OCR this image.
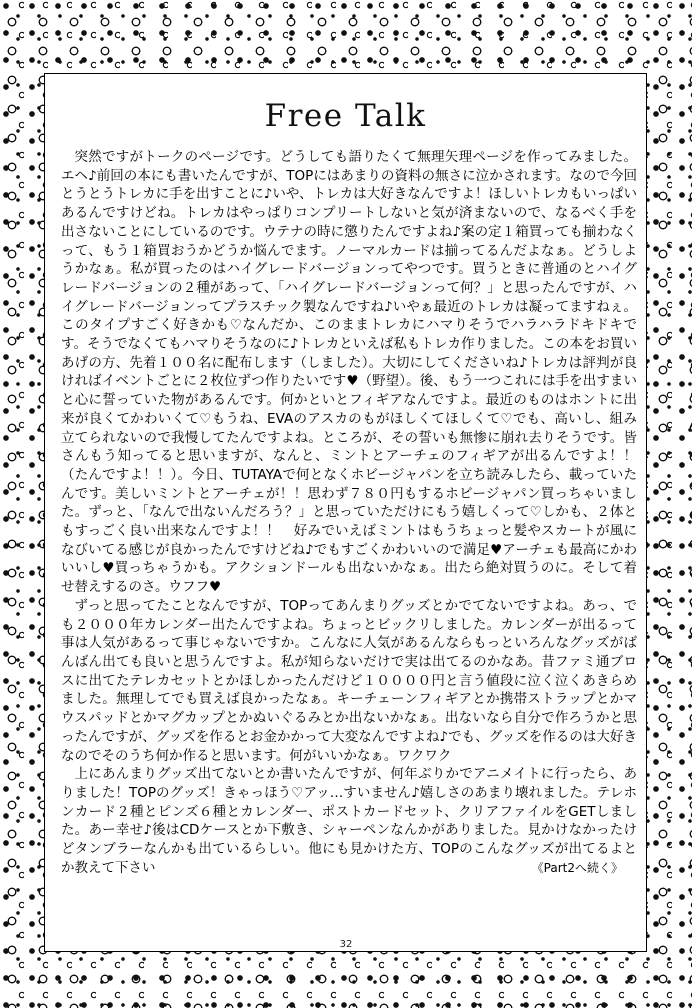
Free Talk

突然ですがトークのページです。どうしても語りたくて無理矢理ページを作ってみました。エヘ♪前回の本にも書いたんですが、TOPにはあまりの資料の無さに泣かされます。なので今回とうとうトレカに手を出すことに♪いや、トレカは大好きなんですよ！ほしいトレカもいっぱいあるんですけどね。トレカはやっぱりコンプリートしないと気が済まないので、なるべく手を出さないことにしているのです。ウテナの時に懲りたんですよね♪案の定１箱買っても揃わなくって、もう１箱買おうかどうか悩んでます。ノーマルカードは揃ってるんだよなぁ。どうしようかなぁ。私が買ったのはハイグレードバージョンってやつです。買うときに普通のとハイグレードバージョンの２種があって、「ハイグレードバージョンって何？」と思ったんですが、ハイグレードバージョンってプラスチック製なんですね♪いやぁ最近のトレカは凝ってますねぇ。このタイプすごく好きかも♡なんだか、このままトレカにハマりそうでハラハラドキドキです。そうでなくてもハマりそうなのに♪トレカといえば私もトレカ作りました。この本をお買いあげの方、先着１００名に配布します（しました）。大切にしてくださいね♪トレカは評判が良ければイベントごとに２枚位ずつ作りたいです♥（野望）。後、もう一つこれには手を出すまいと心に誓っていた物があるんです。何かといとフィギアなんですよ。最近のものはホントに出来が良くてかわいくて♡もうね、EVAのアスカのもがほしくてほしくて♡でも、高いし、組み立てられないので我慢してたんですよね。ところが、その誓いも無惨に崩れ去りそうです。皆さんもう知ってると思いますが、なんと、ミントとアーチェのフィギアが出るんですよ！！（たんですよ！！）。今日、TUTAYAで何となくホビージャパンを立ち読みしたら、載っていたんです。美しいミントとアーチェが！！思わず７８０円もするホビージャパン買っちゃいました。ずっと、「なんで出ないんだろう？」と思っていただけにもう嬉しくって♡しかも、２体ともすっごく良い出来なんですよ！！　好みでいえばミントはもうちょっと髪やスカートが風になびいてる感じが良かったんですけどね♪でもすごくかわいいので満足♥アーチェも最高にかわいいし♥買っちゃうかも。アクションドールも出ないかなぁ。出たら絶対買うのに。そして着せ替えするのさ。ウフフ♥

ずっと思ってたことなんですが、TOPってあんまりグッズとかでてないですよね。あっ、でも２０００年カレンダー出たんですよね。ちょっとビックリしました。カレンダーが出るって事は人気があるって事じゃないですか。こんなに人気があるんならもっといろんなグッズがばんばん出ても良いと思うんですよ。私が知らないだけで実は出てるのかなあ。昔ファミ通ブロスに出てたテレカセットとかほしかったんだけど１００００円と言う値段に泣く泣くあきらめました。無理してでも買えば良かったなぁ。キーチェーンフィギアとか携帯ストラップとかマウスパッドとかマグカップとかぬいぐるみとか出ないかなぁ。出ないなら自分で作ろうかと思ったんですが、グッズを作るとお金かかって大変なんですよね♪でも、グッズを作るのは大好きなのでそのうち何か作ると思います。何がいいかなぁ。ワクワク

上にあんまりグッズ出てないとか書いたんですが、何年ぶりかでアニメイトに行ったら、ありました！TOPのグッズ！きゃっほう♡アッ…すいません♪嬉しさのあまり壊れました。テレホンカード２種とピンズ６種とカレンダー、ポストカードセット、クリアファイルをGETしました。あー幸せ♪後はCDケースとか下敷き、シャーペンなんかがありました。見かけなかったけどタンブラーなんかも出ているらしい。他にも見かけた方、TOPのこんなグッズが出てるよとか教えて下さい	《Part2へ続く》

32
